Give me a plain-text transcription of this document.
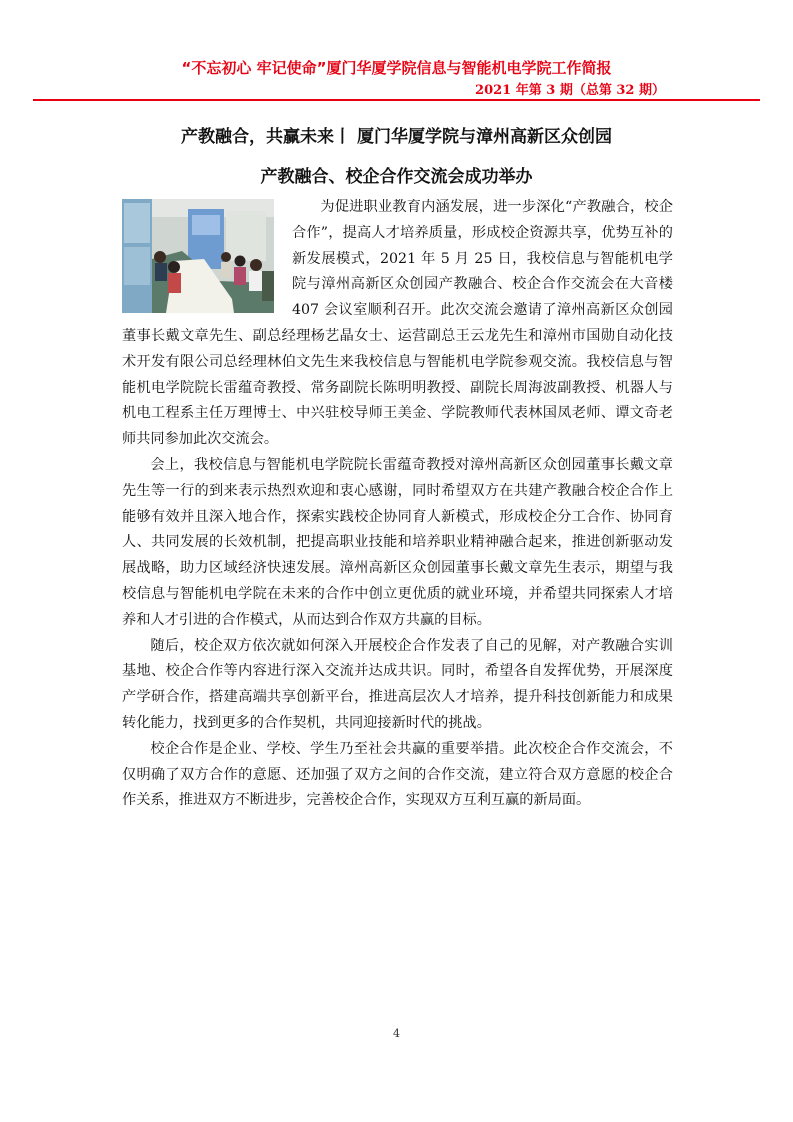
“不忘初心 牢记使命”厦门华厦学院信息与智能机电学院工作简报
2021 年第 3 期（总第 32 期）
产教融合，共赢未来丨 厦门华厦学院与漳州高新区众创园
产教融合、校企合作交流会成功举办

为促进职业教育内涵发展，进一步深化“产教融合，校企合作”，提高人才培养质量，形成校企资源共享，优势互补的新发展模式，2021 年 5 月 25 日，我校信息与智能机电学院与漳州高新区众创园产教融合、校企合作交流会在大音楼 407 会议室顺利召开。此次交流会邀请了漳州高新区众创园董事长戴文章先生、副总经理杨艺晶女士、运营副总王云龙先生和漳州市国勋自动化技术开发有限公司总经理林伯文先生来我校信息与智能机电学院参观交流。我校信息与智能机电学院院长雷蕴奇教授、常务副院长陈明明教授、副院长周海波副教授、机器人与机电工程系主任万理博士、中兴驻校导师王美金、学院教师代表林国凤老师、谭文奇老师共同参加此次交流会。

会上，我校信息与智能机电学院院长雷蕴奇教授对漳州高新区众创园董事长戴文章先生等一行的到来表示热烈欢迎和衷心感谢，同时希望双方在共建产教融合校企合作上能够有效并且深入地合作，探索实践校企协同育人新模式，形成校企分工合作、协同育人、共同发展的长效机制，把提高职业技能和培养职业精神融合起来，推进创新驱动发展战略，助力区域经济快速发展。漳州高新区众创园董事长戴文章先生表示，期望与我校信息与智能机电学院在未来的合作中创立更优质的就业环境，并希望共同探索人才培养和人才引进的合作模式，从而达到合作双方共赢的目标。

随后，校企双方依次就如何深入开展校企合作发表了自己的见解，对产教融合实训基地、校企合作等内容进行深入交流并达成共识。同时，希望各自发挥优势，开展深度产学研合作，搭建高端共享创新平台，推进高层次人才培养，提升科技创新能力和成果转化能力，找到更多的合作契机，共同迎接新时代的挑战。

校企合作是企业、学校、学生乃至社会共赢的重要举措。此次校企合作交流会，不仅明确了双方合作的意愿、还加强了双方之间的合作交流，建立符合双方意愿的校企合作关系，推进双方不断进步，完善校企合作，实现双方互利互赢的新局面。

4
